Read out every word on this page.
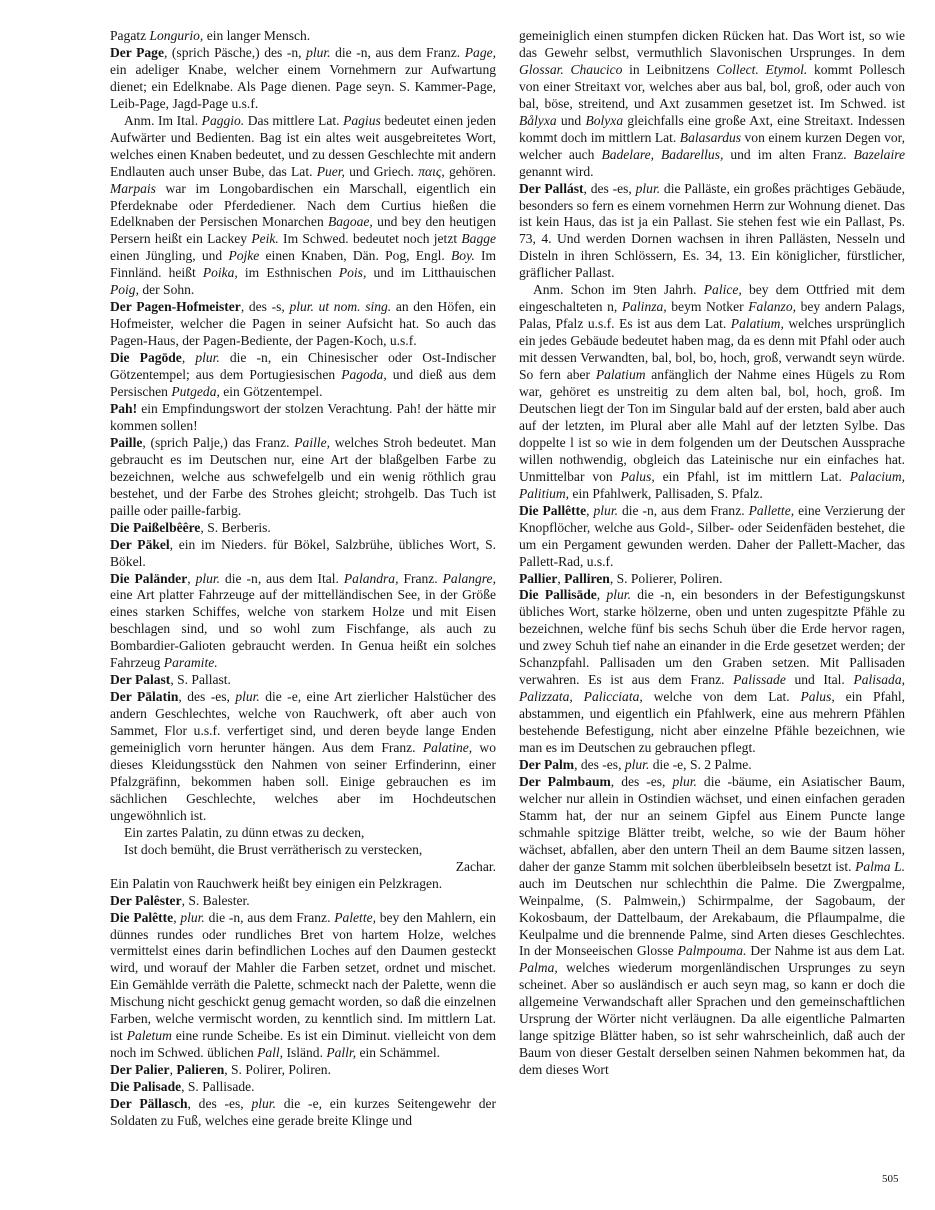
Pagatz Longurio, ein langer Mensch.

Der Page, (sprich Päsche,) des -n, plur. die -n, aus dem Franz. Page, ein adeliger Knabe, welcher einem Vornehmern zur Aufwartung dienet; ein Edelknabe. Als Page dienen. Page seyn. S. Kammer-Page, Leib-Page, Jagd-Page u.s.f.

Anm. Im Ital. Paggio. Das mittlere Lat. Pagius bedeutet einen jeden Aufwärter und Bedienten. Bag ist ein altes weit ausgebreitetes Wort, welches einen Knaben bedeutet, und zu dessen Geschlechte mit andern Endlauten auch unser Bube, das Lat. Puer, und Griech. παις, gehören. Marpais war im Longobardischen ein Marschall, eigentlich ein Pferdeknabe oder Pferdediener. Nach dem Curtius hießen die Edelknaben der Persischen Monarchen Bagoae, und bey den heutigen Persern heißt ein Lackey Peik. Im Schwed. bedeutet noch jetzt Bagge einen Jüngling, und Pojke einen Knaben, Dän. Pog, Engl. Boy. Im Finnländ. heißt Poika, im Esthnischen Pois, und im Litthauischen Poig, der Sohn.

Der Pagen-Hofmeister, des -s, plur. ut nom. sing. an den Höfen, ein Hofmeister, welcher die Pagen in seiner Aufsicht hat. So auch das Pagen-Haus, der Pagen-Bediente, der Pagen-Koch, u.s.f.

Die Pagōde, plur. die -n, ein Chinesischer oder Ost-Indischer Götzentempel; aus dem Portugiesischen Pagoda, und dieß aus dem Persischen Putgeda, ein Götzentempel.

Pah! ein Empfindungswort der stolzen Verachtung. Pah! der hätte mir kommen sollen!

Paille, (sprich Palje,) das Franz. Paille, welches Stroh bedeutet. Man gebraucht es im Deutschen nur, eine Art der blaßgelben Farbe zu bezeichnen, welche aus schwefelgelb und ein wenig röthlich grau bestehet, und der Farbe des Strohes gleicht; strohgelb. Das Tuch ist paille oder paille-farbig.

Die Paißelbêêre, S. Berberis.

Der Päkel, ein im Nieders. für Bökel, Salzbrühe, übliches Wort, S. Bökel.

Die Paländer, plur. die -n, aus dem Ital. Palandra, Franz. Palangre, eine Art platter Fahrzeuge auf der mittelländischen See, in der Größe eines starken Schiffes, welche von starkem Holze und mit Eisen beschlagen sind, und so wohl zum Fischfange, als auch zu Bombardier-Galioten gebraucht werden. In Genua heißt ein solches Fahrzeug Paramite.

Der Palast, S. Pallast.

Der Pālatin, des -es, plur. die -e, eine Art zierlicher Halstücher des andern Geschlechtes, welche von Rauchwerk, oft aber auch von Sammet, Flor u.s.f. verfertiget sind, und deren beyde lange Enden gemeiniglich vorn herunter hängen. Aus dem Franz. Palatine, wo dieses Kleidungsstück den Nahmen von seiner Erfinderinn, einer Pfalzgräfinn, bekommen haben soll. Einige gebrauchen es im sächlichen Geschlechte, welches aber im Hochdeutschen ungewöhnlich ist.

Ein zartes Palatin, zu dünn etwas zu decken,

Ist doch bemüht, die Brust verrätherisch zu verstecken,

Zachar.

Ein Palatin von Rauchwerk heißt bey einigen ein Pelzkragen.

Der Palêster, S. Balester.

Die Palêtte, plur. die -n, aus dem Franz. Palette, bey den Mahlern, ein dünnes rundes oder rundliches Bret von hartem Holze, welches vermittelst eines darin befindlichen Loches auf den Daumen gesteckt wird, und worauf der Mahler die Farben setzet, ordnet und mischet. Ein Gemählde verräth die Palette, schmeckt nach der Palette, wenn die Mischung nicht geschickt genug gemacht worden, so daß die einzelnen Farben, welche vermischt worden, zu kenntlich sind. Im mittlern Lat. ist Paletum eine runde Scheibe. Es ist ein Diminut. vielleicht von dem noch im Schwed. üblichen Pall, Isländ. Pallr, ein Schämmel.

Der Palier, Palieren, S. Polirer, Poliren.

Die Palisade, S. Pallisade.

Der Pällasch, des -es, plur. die -e, ein kurzes Seitengewehr der Soldaten zu Fuß, welches eine gerade breite Klinge und

gemeiniglich einen stumpfen dicken Rücken hat. Das Wort ist, so wie das Gewehr selbst, vermuthlich Slavonischen Ursprunges. In dem Glossar. Chaucico in Leibnitzens Collect. Etymol. kommt Pollesch von einer Streitaxt vor, welches aber aus bal, bol, groß, oder auch von bal, böse, streitend, und Axt zusammen gesetzet ist. Im Schwed. ist Bålyxa und Bolyxa gleichfalls eine große Axt, eine Streitaxt. Indessen kommt doch im mittlern Lat. Balasardus von einem kurzen Degen vor, welcher auch Badelare, Badarellus, und im alten Franz. Bazelaire genannt wird.

Der Pallást, des -es, plur. die Palläste, ein großes prächtiges Gebäude, besonders so fern es einem vornehmen Herrn zur Wohnung dienet. Das ist kein Haus, das ist ja ein Pallast. Sie stehen fest wie ein Pallast, Ps. 73, 4. Und werden Dornen wachsen in ihren Pallästen, Nesseln und Disteln in ihren Schlössern, Es. 34, 13. Ein königlicher, fürstlicher, gräflicher Pallast.

Anm. Schon im 9ten Jahrh. Palice, bey dem Ottfried mit dem eingeschalteten n, Palinza, beym Notker Falanzo, bey andern Palags, Palas, Pfalz u.s.f. Es ist aus dem Lat. Palatium, welches ursprünglich ein jedes Gebäude bedeutet haben mag, da es denn mit Pfahl oder auch mit dessen Verwandten, bal, bol, bo, hoch, groß, verwandt seyn würde. So fern aber Palatium anfänglich der Nahme eines Hügels zu Rom war, gehöret es unstreitig zu dem alten bal, bol, hoch, groß. Im Deutschen liegt der Ton im Singular bald auf der ersten, bald aber auch auf der letzten, im Plural aber alle Mahl auf der letzten Sylbe. Das doppelte l ist so wie in dem folgenden um der Deutschen Aussprache willen nothwendig, obgleich das Lateinische nur ein einfaches hat. Unmittelbar von Palus, ein Pfahl, ist im mittlern Lat. Palacium, Palitium, ein Pfahlwerk, Pallisaden, S. Pfalz.

Die Pallêtte, plur. die -n, aus dem Franz. Pallette, eine Verzierung der Knopflöcher, welche aus Gold-, Silber- oder Seidenfäden bestehet, die um ein Pergament gewunden werden. Daher der Pallett-Macher, das Pallett-Rad, u.s.f.

Pallier, Palliren, S. Polierer, Poliren.

Die Pallisāde, plur. die -n, ein besonders in der Befestigungskunst übliches Wort, starke hölzerne, oben und unten zugespitzte Pfähle zu bezeichnen, welche fünf bis sechs Schuh über die Erde hervor ragen, und zwey Schuh tief nahe an einander in die Erde gesetzet werden; der Schanzpfahl. Pallisaden um den Graben setzen. Mit Pallisaden verwahren. Es ist aus dem Franz. Palissade und Ital. Palisada, Palizzata, Palicciata, welche von dem Lat. Palus, ein Pfahl, abstammen, und eigentlich ein Pfahlwerk, eine aus mehrern Pfählen bestehende Befestigung, nicht aber einzelne Pfähle bezeichnen, wie man es im Deutschen zu gebrauchen pflegt.

Der Palm, des -es, plur. die -e, S. 2 Palme.

Der Palmbaum, des -es, plur. die -bäume, ein Asiatischer Baum, welcher nur allein in Ostindien wächset, und einen einfachen geraden Stamm hat, der nur an seinem Gipfel aus Einem Puncte lange schmahle spitzige Blätter treibt, welche, so wie der Baum höher wächset, abfallen, aber den untern Theil an dem Baume sitzen lassen, daher der ganze Stamm mit solchen überbleibseln besetzt ist. Palma L. auch im Deutschen nur schlechthin die Palme. Die Zwergpalme, Weinpalme, (S. Palmwein,) Schirmpalme, der Sagobaum, der Kokosbaum, der Dattelbaum, der Arekabaum, die Pflaumpalme, die Keulpalme und die brennende Palme, sind Arten dieses Geschlechtes. In der Monseeischen Glosse Palmpouma. Der Nahme ist aus dem Lat. Palma, welches wiederum morgenländischen Ursprunges zu seyn scheinet. Aber so ausländisch er auch seyn mag, so kann er doch die allgemeine Verwandschaft aller Sprachen und den gemeinschaftlichen Ursprung der Wörter nicht verläugnen. Da alle eigentliche Palmarten lange spitzige Blätter haben, so ist sehr wahrscheinlich, daß auch der Baum von dieser Gestalt derselben seinen Nahmen bekommen hat, da dem dieses Wort

505
